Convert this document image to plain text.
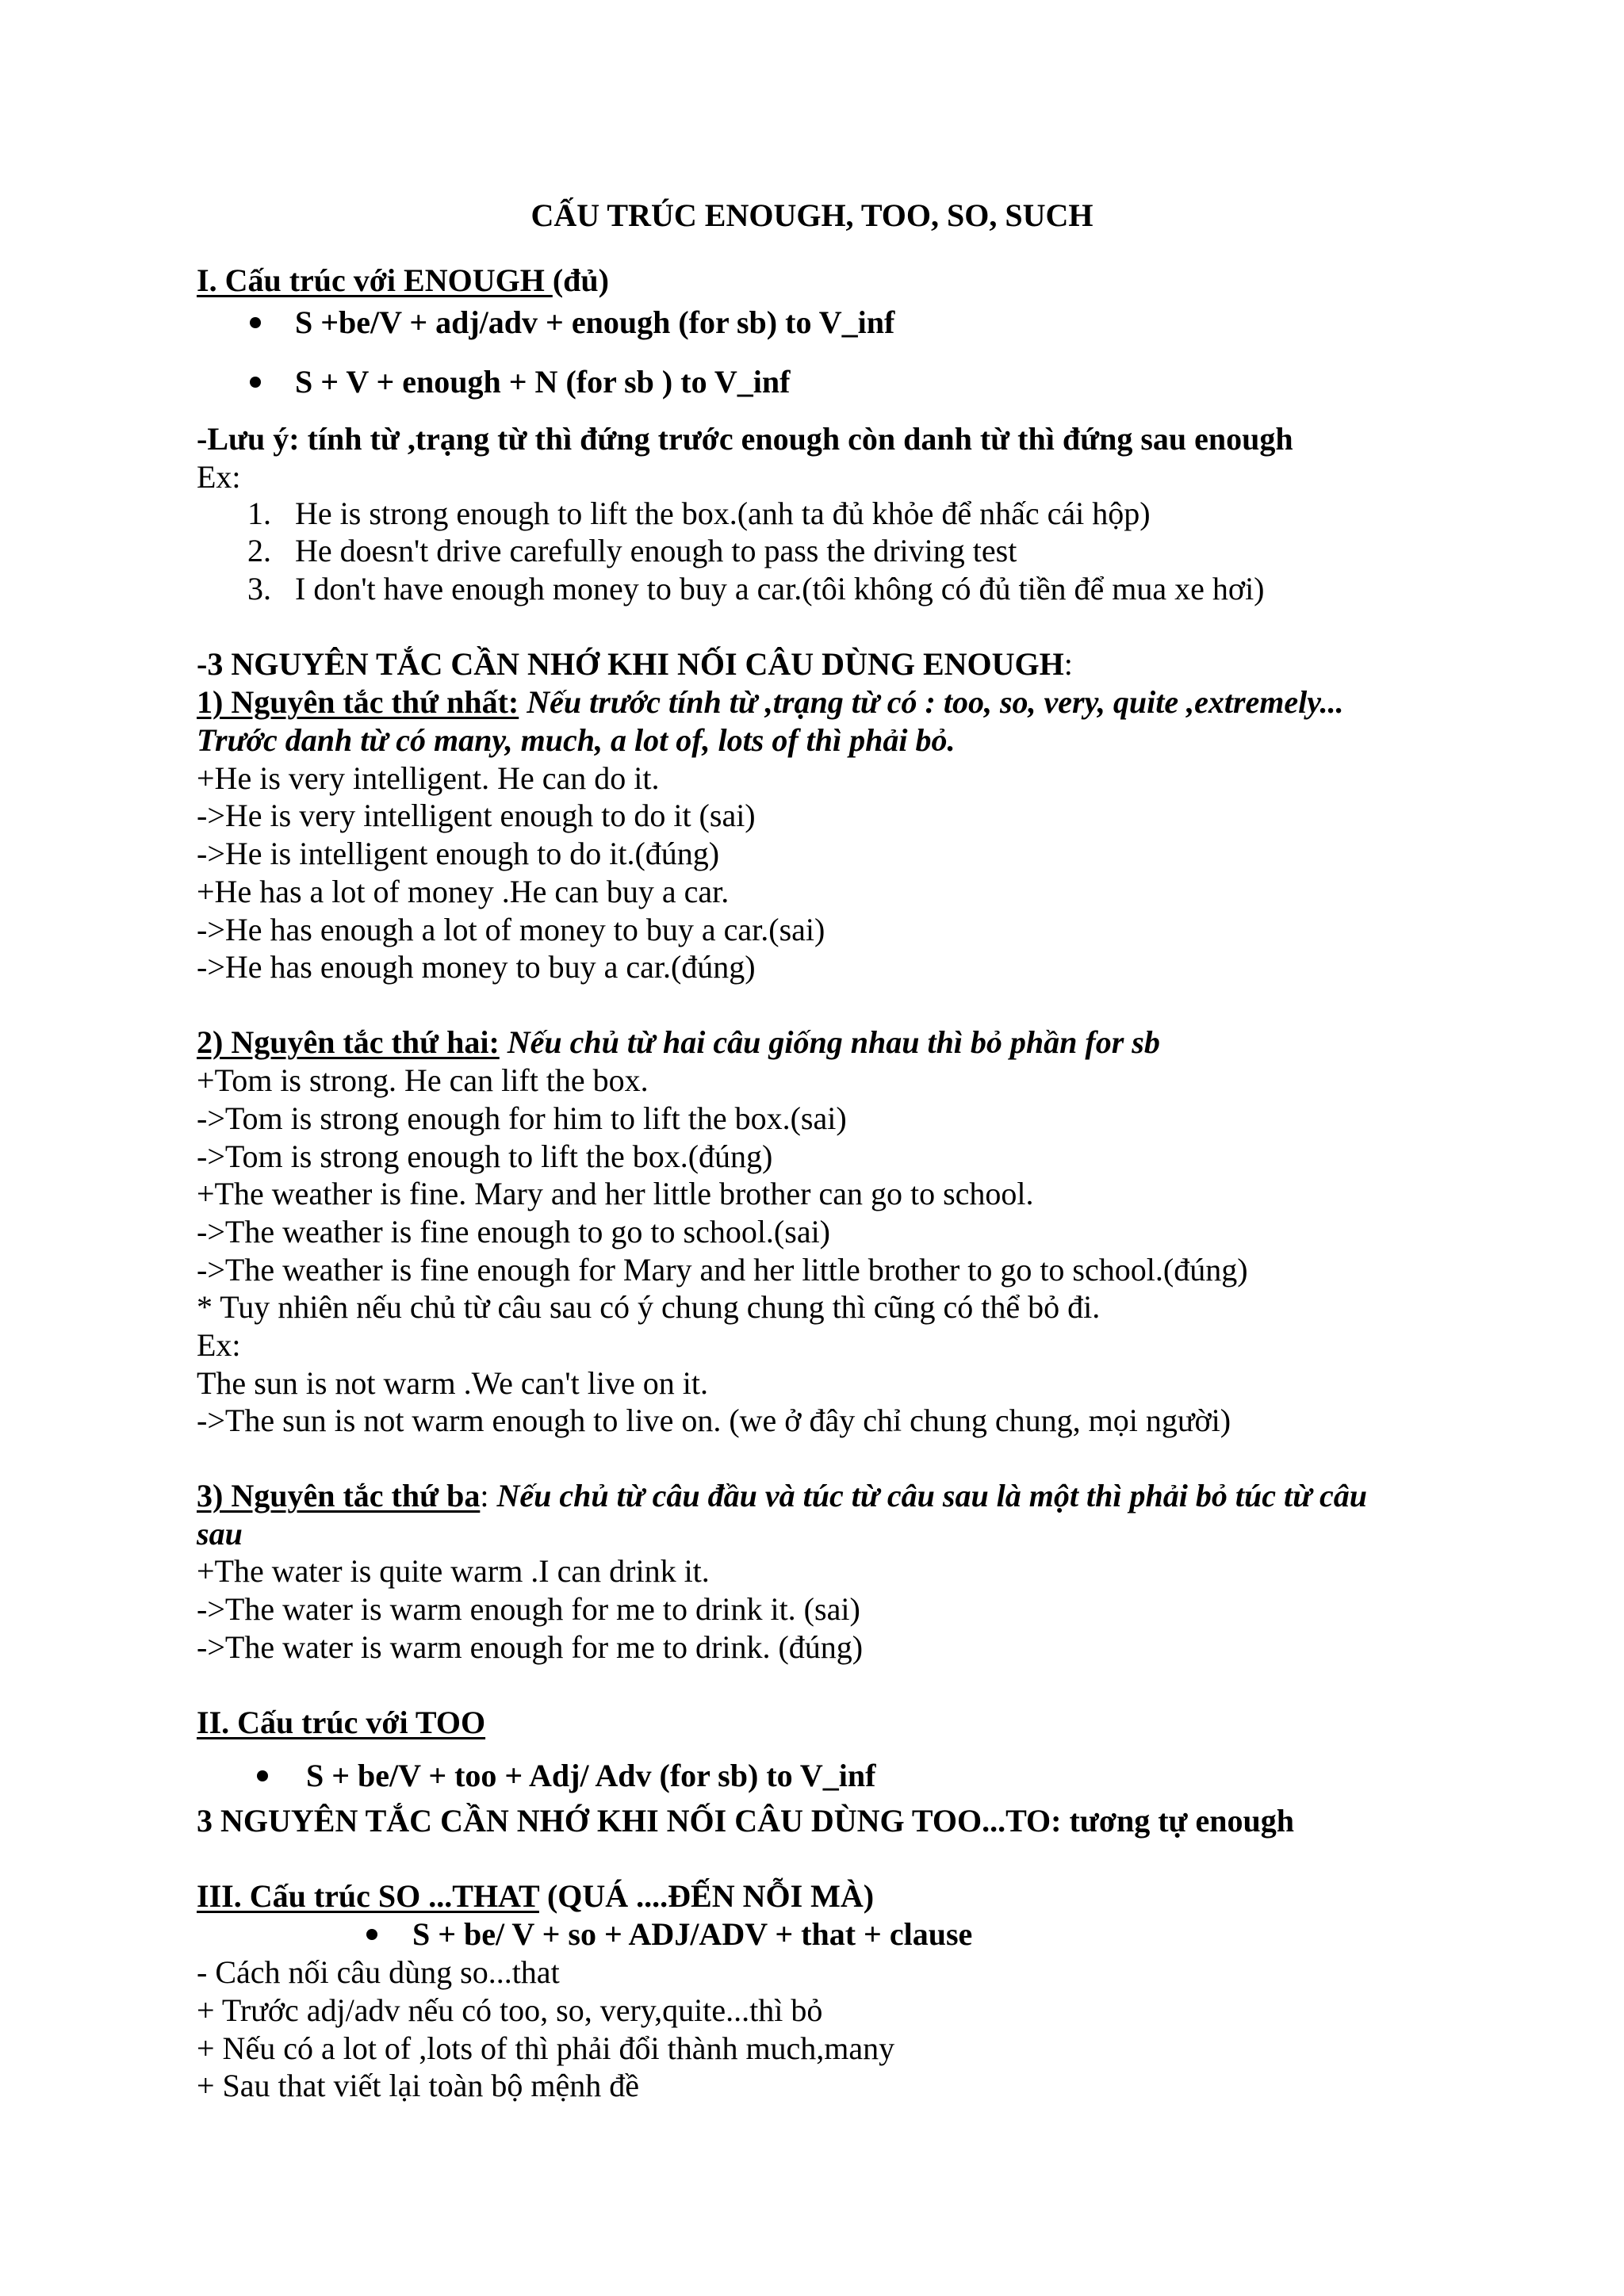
CẤU TRÚC ENOUGH, TOO, SO, SUCH
I. Cấu trúc với ENOUGH (đủ)
S +be/V + adj/adv + enough (for sb) to V_inf
S + V + enough + N (for sb ) to V_inf
-Lưu ý: tính từ ,trạng từ thì đứng trước enough còn danh từ thì đứng sau enough
Ex:
1. He is strong enough to lift the box.(anh ta đủ khỏe để nhấc cái hộp)
2. He doesn't drive carefully enough to pass the driving test
3. I don't have enough money to buy a car.(tôi không có đủ tiền để mua xe hơi)
-3 NGUYÊN TẮC CẦN NHỚ KHI NỐI CÂU DÙNG ENOUGH:
1) Nguyên tắc thứ nhất: Nếu trước tính từ ,trạng từ có : too, so, very, quite ,extremely...
Trước danh từ có many, much, a lot of, lots of thì phải bỏ.
+He is very intelligent. He can do it.
->He is very intelligent enough to do it (sai)
->He is intelligent enough to do it.(đúng)
+He has a lot of money .He can buy a car.
->He has enough a lot of money to buy a car.(sai)
->He has enough money to buy a car.(đúng)
2) Nguyên tắc thứ hai: Nếu chủ từ hai câu giống nhau thì bỏ phần for sb
+Tom is strong. He can lift the box.
->Tom is strong enough for him to lift the box.(sai)
->Tom is strong enough to lift the box.(đúng)
+The weather is fine. Mary and her little brother can go to school.
->The weather is fine enough to go to school.(sai)
->The weather is fine enough for Mary and her little brother to go to school.(đúng)
* Tuy nhiên nếu chủ từ câu sau có ý chung chung thì cũng có thể bỏ đi.
Ex:
The sun is not warm .We can't live on it.
->The sun is not warm enough to live on. (we ở đây chỉ chung chung, mọi người)
3) Nguyên tắc thứ ba: Nếu chủ từ câu đầu và túc từ câu sau là một thì phải bỏ túc từ câu
sau
+The water is quite warm .I can drink it.
->The water is warm enough for me to drink it. (sai)
->The water is warm enough for me to drink. (đúng)
II. Cấu trúc với TOO
S + be/V + too + Adj/ Adv (for sb) to V_inf
3 NGUYÊN TẮC CẦN NHỚ KHI NỐI CÂU DÙNG TOO...TO: tương tự enough
III. Cấu trúc SO ...THAT (QUÁ ....ĐẾN NỖI MÀ)
S + be/ V + so + ADJ/ADV + that + clause
- Cách nối câu dùng so...that
+ Trước adj/adv nếu có too, so, very,quite...thì bỏ
+ Nếu có a lot of ,lots of thì phải đổi thành much,many
+ Sau that viết lại toàn bộ mệnh đề
